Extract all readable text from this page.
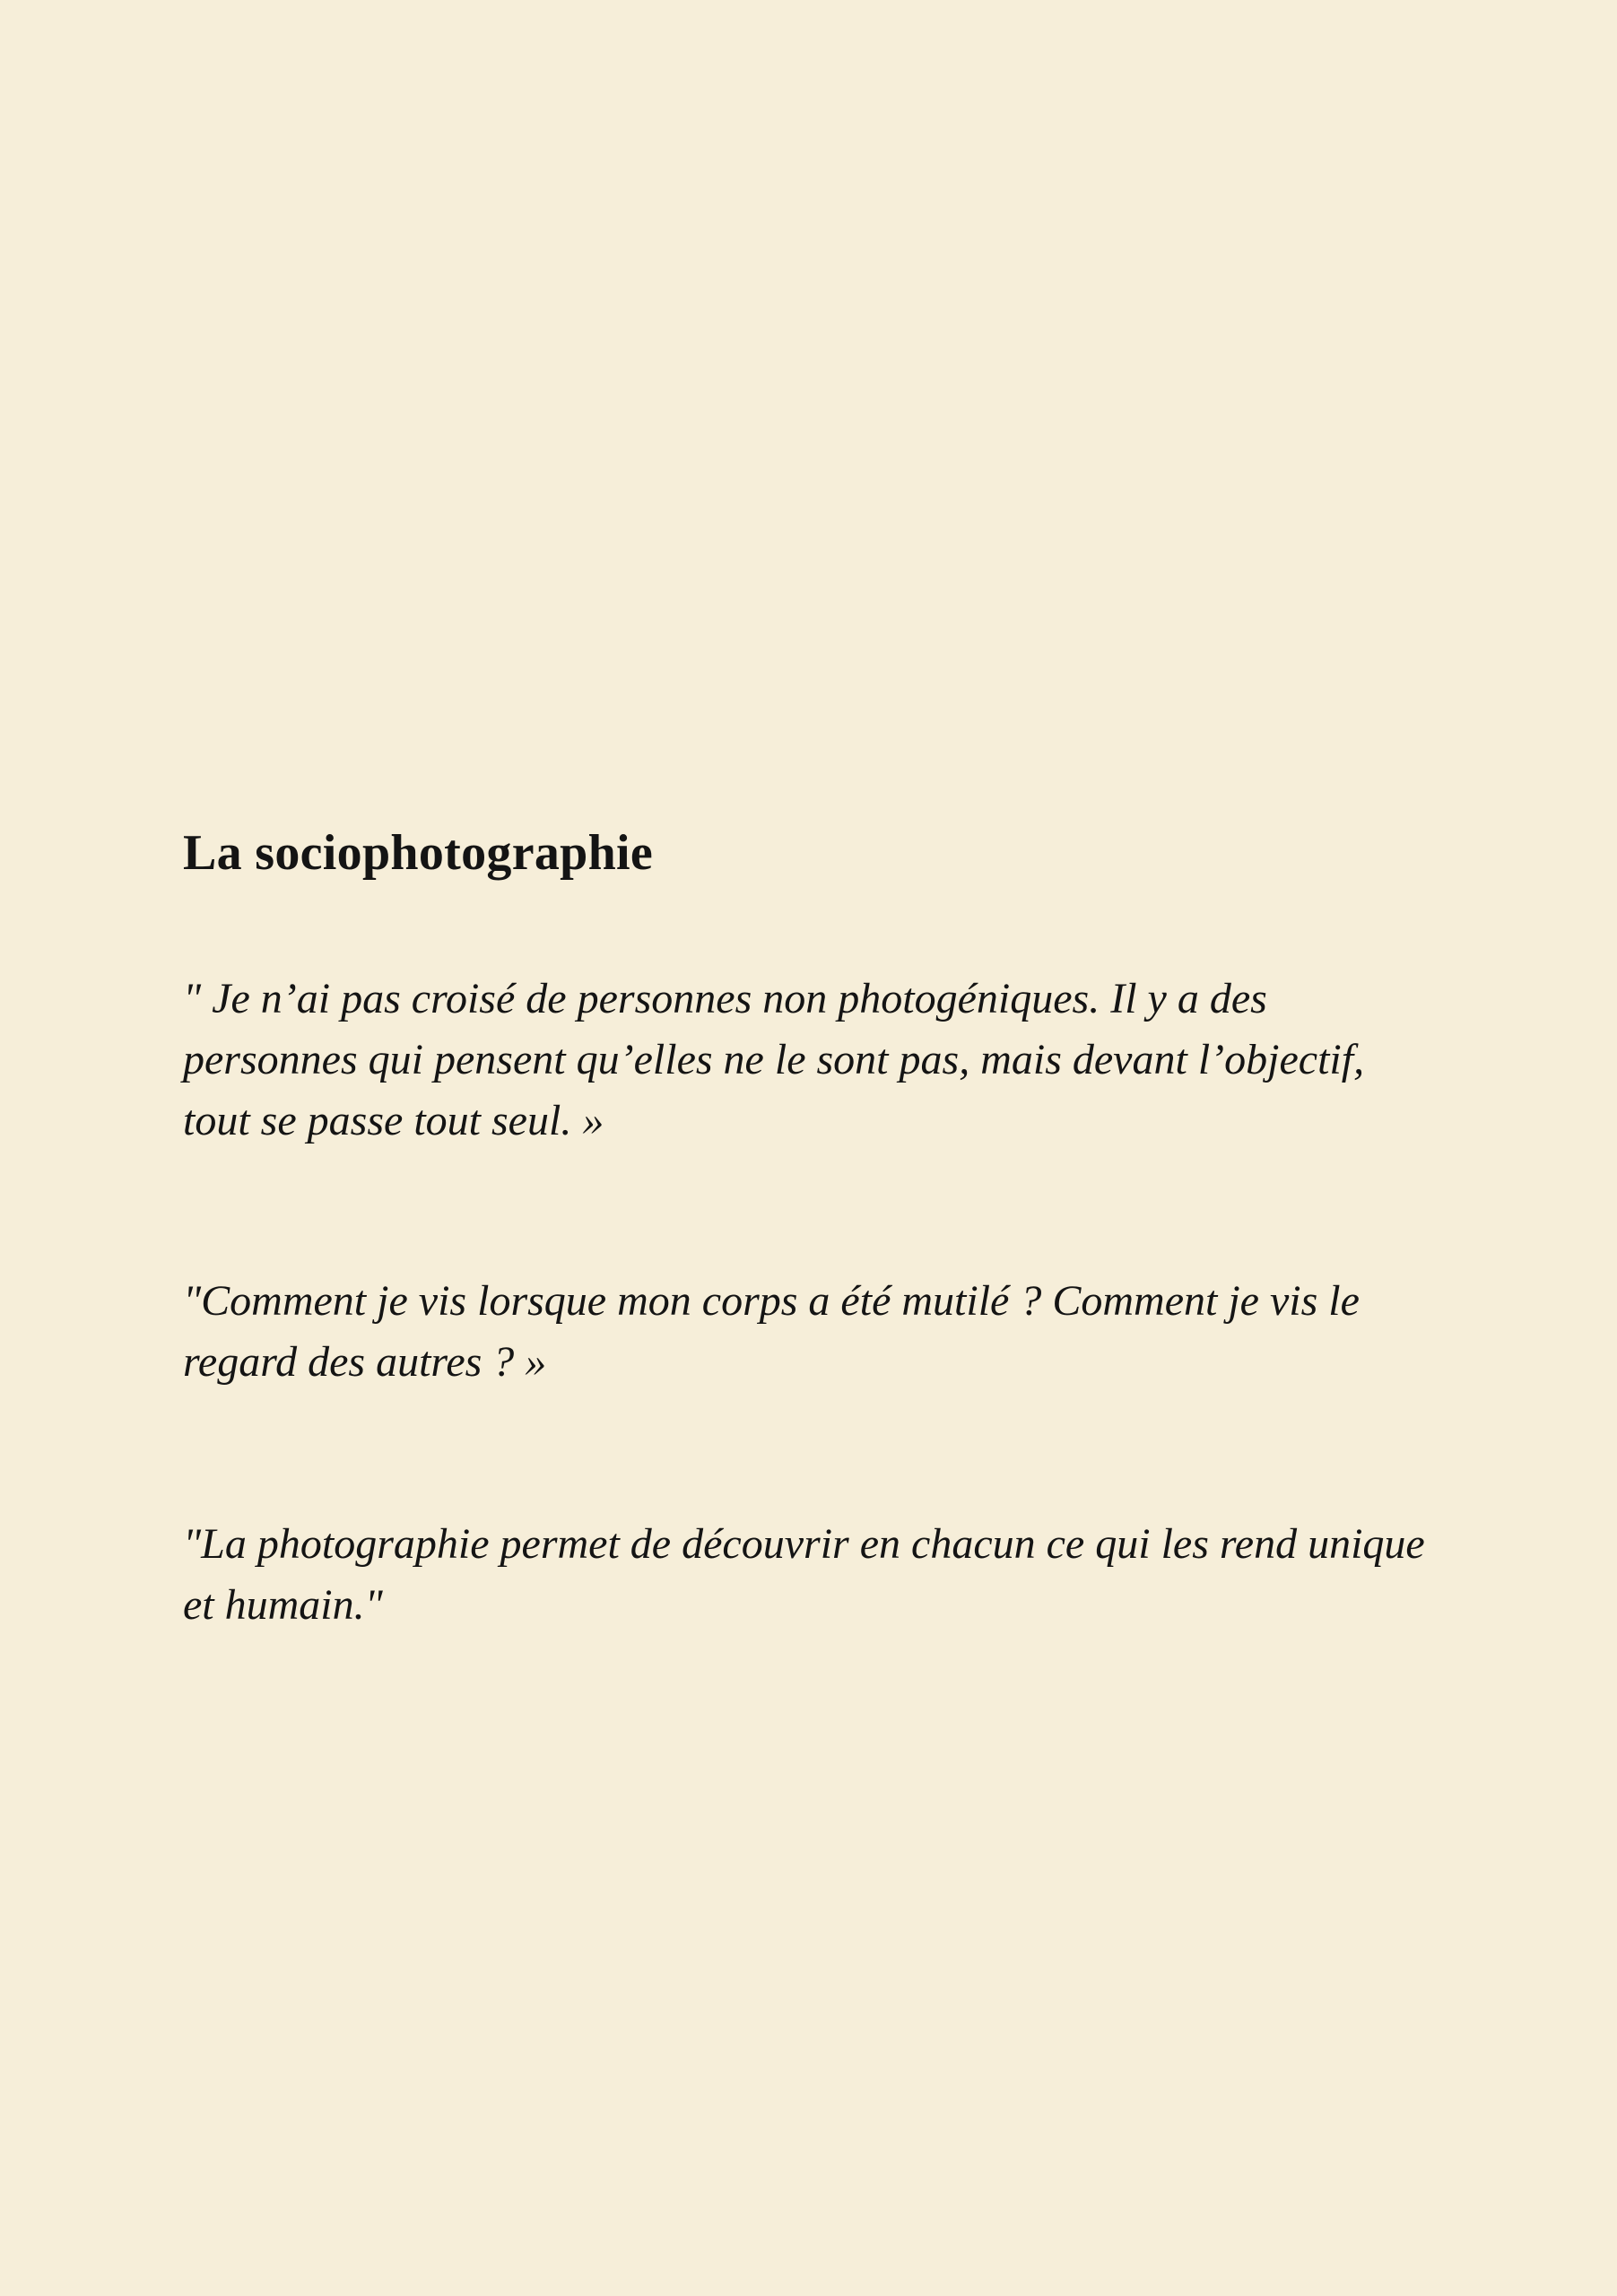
La sociophotographie

" Je n’ai pas croisé de personnes non photogéniques. Il y a des
personnes qui pensent qu’elles ne le sont pas, mais devant l’objectif,
tout se passe tout seul. »

"Comment je vis lorsque mon corps a été mutilé ? Comment je vis le
regard des autres ? »

"La photographie permet de découvrir en chacun ce qui les rend unique
et humain."
